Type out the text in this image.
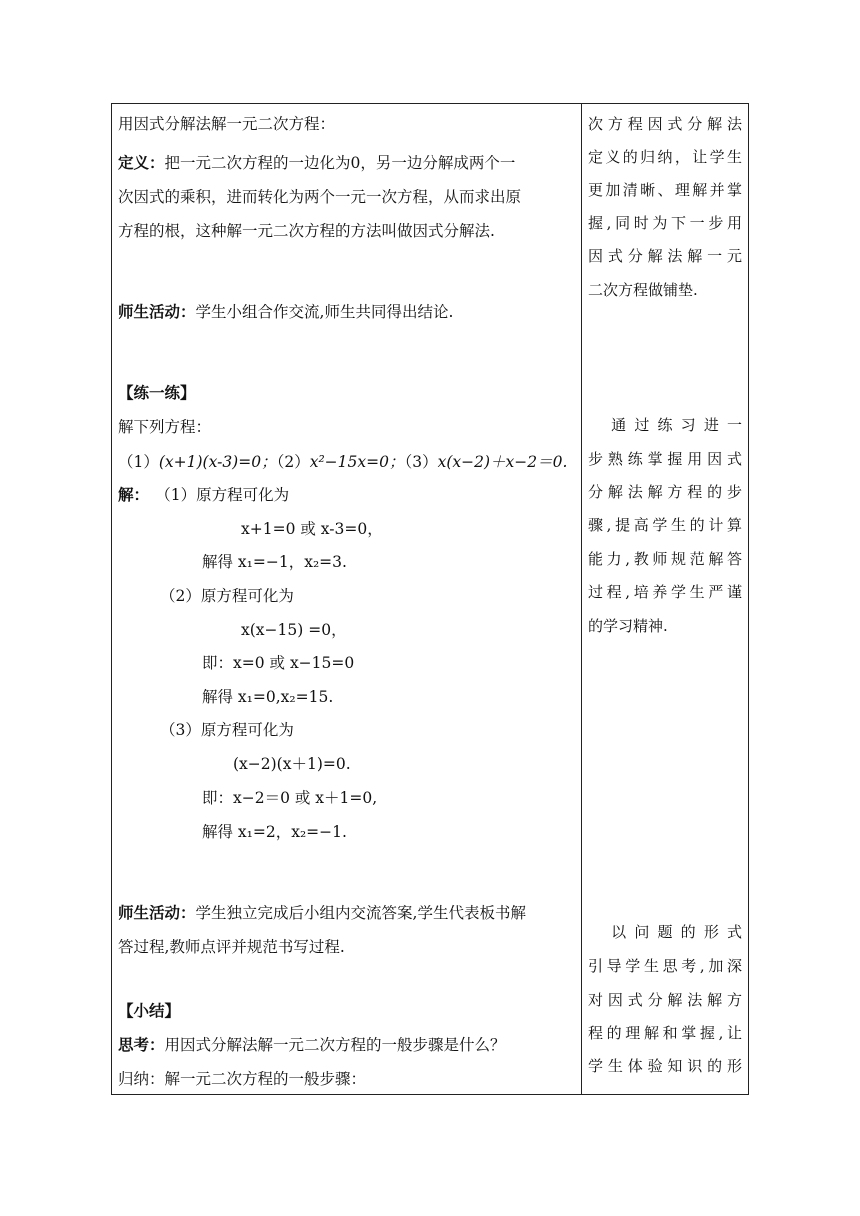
用因式分解法解一元二次方程：
定义：把一元二次方程的一边化为0，另一边分解成两个一
次因式的乘积，进而转化为两个一元一次方程，从而求出原
方程的根，这种解一元二次方程的方法叫做因式分解法.
师生活动：学生小组合作交流,师生共同得出结论.
【练一练】
解下列方程：
（1）(x+1)(x-3)=0；（2）x²−15x=0；（3）x(x−2)＋x−2＝0.
解： （1）原方程可化为
x+1=0 或 x-3=0，
解得 x₁=−1，x₂=3.
（2）原方程可化为
x(x−15) =0，
即：x=0 或 x−15=0
解得 x₁=0,x₂=15.
（3）原方程可化为
(x−2)(x＋1)=0.
即：x−2＝0 或 x＋1=0,
解得 x₁=2，x₂=−1.
师生活动：学生独立完成后小组内交流答案,学生代表板书解
答过程,教师点评并规范书写过程.
【小结】
思考：用因式分解法解一元二次方程的一般步骤是什么？
归纳：解一元二次方程的一般步骤：
次方程因式分解法
定义的归纳，让学生
更加清晰、理解并掌
握,同时为下一步用
因式分解法解一元
二次方程做铺垫.
　通过练习进一
步熟练掌握用因式
分解法解方程的步
骤,提高学生的计算
能力,教师规范解答
过程,培养学生严谨
的学习精神.
　以问题的形式
引导学生思考,加深
对因式分解法解方
程的理解和掌握,让
学生体验知识的形
